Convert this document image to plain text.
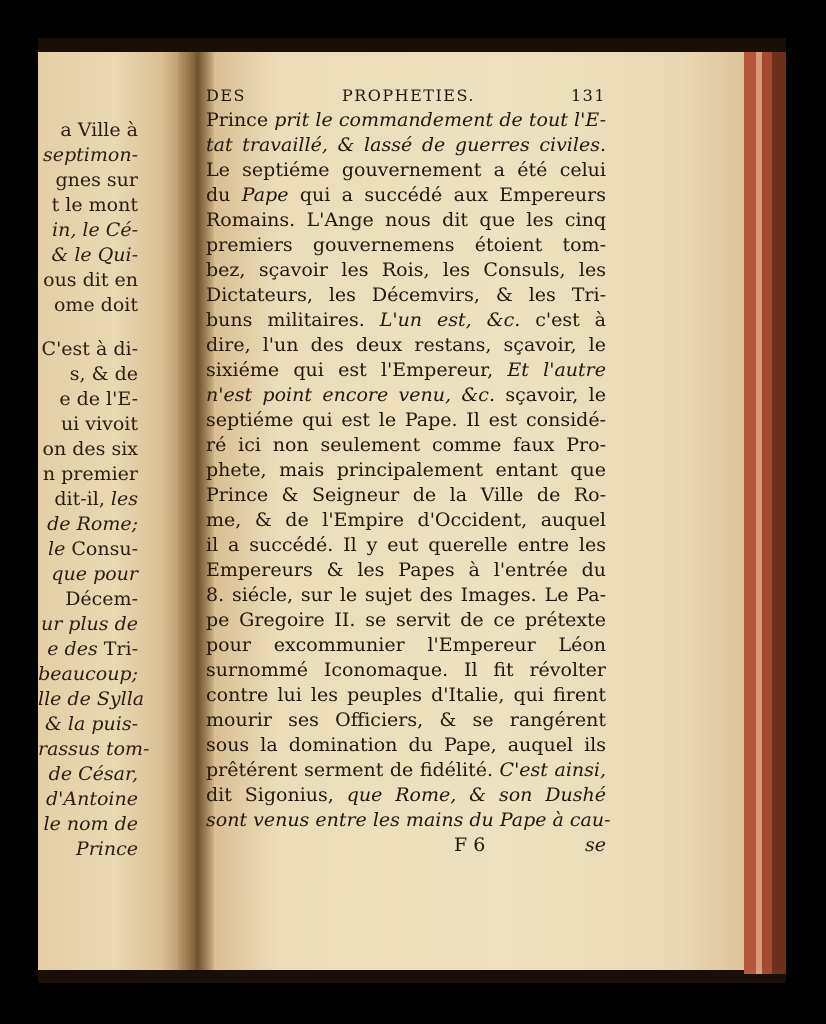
a Ville à
septimon-
gnes sur
t le mont
in, le Cé-
& le Qui-
ous dit en
ome doit
C'est à di-
s, & de
e de l'E-
ui vivoit
on des six
n premier
dit-il, les
de Rome;
le Consu-
que pour
Décem-
ur plus de
e des Tri-
beaucoup;
lle de Sylla
& la puis-
rassus tom-
de César,
d'Antoine
le nom de
Prince
DES PROPHETIES.	131
Prince prit le commandement de tout l'E-
tat travaillé, & lassé de guerres civiles.
Le septiéme gouvernement a été celui
du Pape qui a succédé aux Empereurs
Romains. L'Ange nous dit que les cinq
premiers gouvernemens étoient tom-
bez, sçavoir les Rois, les Consuls, les
Dictateurs, les Décemvirs, & les Tri-
buns militaires. L'un est, &c. c'est à
dire, l'un des deux restans, sçavoir, le
sixiéme qui est l'Empereur, Et l'autre
n'est point encore venu, &c. sçavoir, le
septiéme qui est le Pape. Il est considé-
ré ici non seulement comme faux Pro-
phete, mais principalement entant que
Prince & Seigneur de la Ville de Ro-
me, & de l'Empire d'Occident, auquel
il a succédé. Il y eut querelle entre les
Empereurs & les Papes à l'entrée du
8. siécle, sur le sujet des Images. Le Pa-
pe Gregoire II. se servit de ce prétexte
pour excommunier l'Empereur Léon
surnommé Iconomaque. Il fit révolter
contre lui les peuples d'Italie, qui firent
mourir ses Officiers, & se rangérent
sous la domination du Pape, auquel ils
prêtérent serment de fidélité. C'est ainsi,
dit Sigonius, que Rome, & son Dushé
sont venus entre les mains du Pape à cau-
F 6	se
